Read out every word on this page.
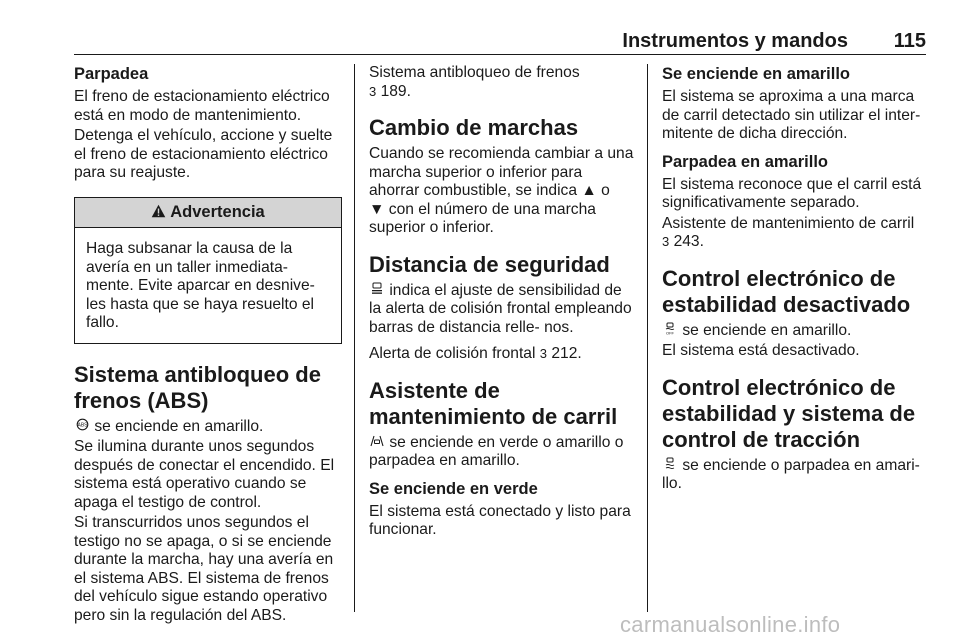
Instrumentos y mandos 115
Parpadea

El freno de estacionamiento eléctrico está en modo de mantenimiento.

Detenga el vehículo, accione y suelte el freno de estacionamiento eléctrico para su reajuste.

Advertencia
Haga subsanar la causa de la avería en un taller inmediata- mente. Evite aparcar en desnive- les hasta que se haya resuelto el fallo.
Sistema antibloqueo de frenos (ABS)

ABS se enciende en amarillo.

Se ilumina durante unos segundos después de conectar el encendido. El sistema está operativo cuando se apaga el testigo de control.

Si transcurridos unos segundos el testigo no se apaga, o si se enciende durante la marcha, hay una avería en el sistema ABS. El sistema de frenos del vehículo sigue estando operativo pero sin la regulación del ABS.

Sistema antibloqueo de frenos
3 189.

Cambio de marchas

Cuando se recomienda cambiar a una marcha superior o inferior para ahorrar combustible, se indica ▲ o
▼ con el número de una marcha superior o inferior.

Distancia de seguridad

indica el ajuste de sensibilidad de la alerta de colisión frontal empleando barras de distancia relle- nos.

Alerta de colisión frontal 3 212.

Asistente de mantenimiento de carril

se enciende en verde o amarillo o parpadea en amarillo.

Se enciende en verde

El sistema está conectado y listo para funcionar.

Se enciende en amarillo

El sistema se aproxima a una marca de carril detectado sin utilizar el inter- mitente de dicha dirección.

Parpadea en amarillo

El sistema reconoce que el carril está significativamente separado.

Asistente de mantenimiento de carril
3 243.

Control electrónico de estabilidad desactivado

OFF se enciende en amarillo.

El sistema está desactivado.

Control electrónico de estabilidad y sistema de control de tracción

se enciende o parpadea en amari- llo.

carmanualsonline.info
